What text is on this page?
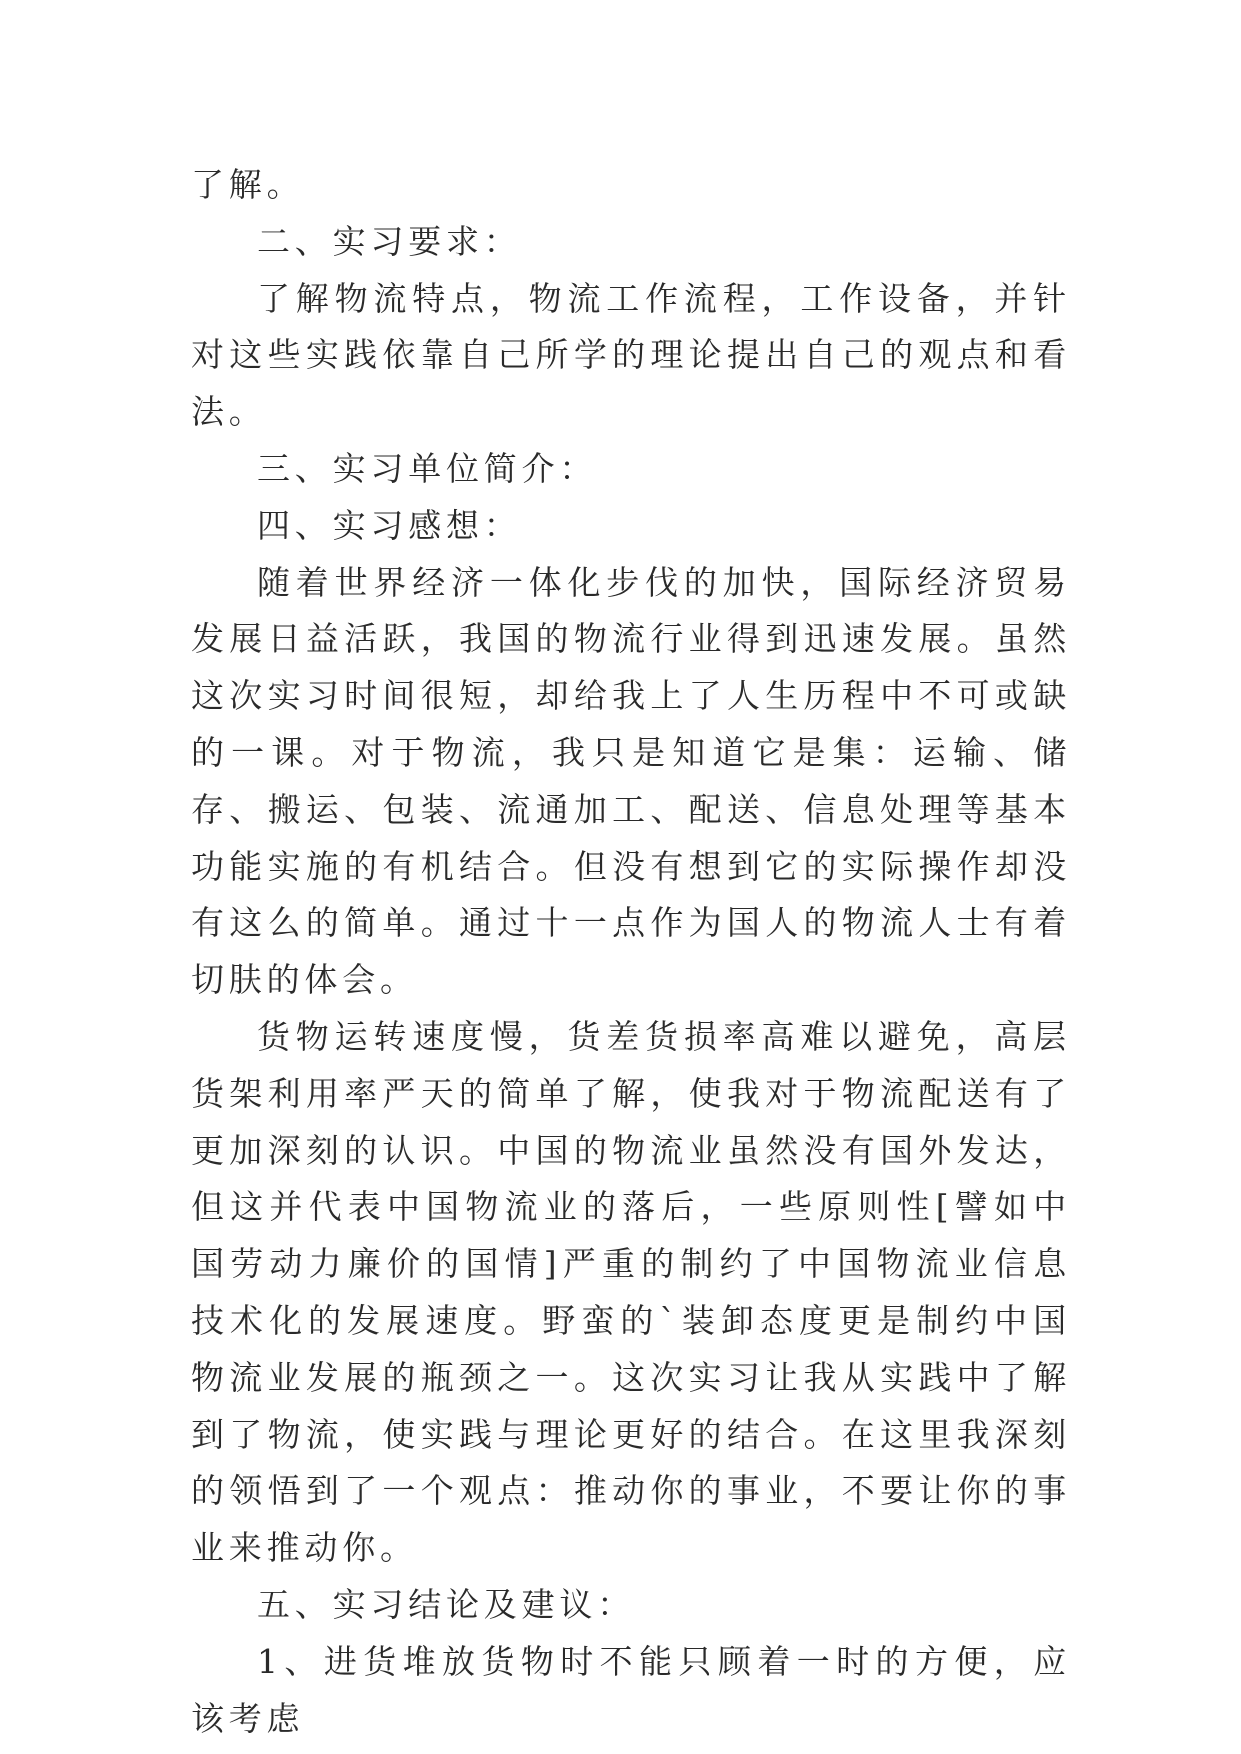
了解。

二、实习要求：

了解物流特点，物流工作流程，工作设备，并针对这些实践依靠自己所学的理论提出自己的观点和看法。

三、实习单位简介：

四、实习感想：

随着世界经济一体化步伐的加快，国际经济贸易发展日益活跃，我国的物流行业得到迅速发展。虽然这次实习时间很短，却给我上了人生历程中不可或缺的一课。对于物流，我只是知道它是集：运输、储存、搬运、包装、流通加工、配送、信息处理等基本功能实施的有机结合。但没有想到它的实际操作却没有这么的简单。通过十一点作为国人的物流人士有着切肤的体会。

货物运转速度慢，货差货损率高难以避免，高层货架利用率严天的简单了解，使我对于物流配送有了更加深刻的认识。中国的物流业虽然没有国外发达，但这并代表中国物流业的落后，一些原则性[譬如中国劳动力廉价的国情]严重的制约了中国物流业信息技术化的发展速度。野蛮的`装卸态度更是制约中国物流业发展的瓶颈之一。这次实习让我从实践中了解到了物流，使实践与理论更好的结合。在这里我深刻的领悟到了一个观点：推动你的事业，不要让你的事业来推动你。

五、实习结论及建议：

1、进货堆放货物时不能只顾着一时的方便，应该考虑
